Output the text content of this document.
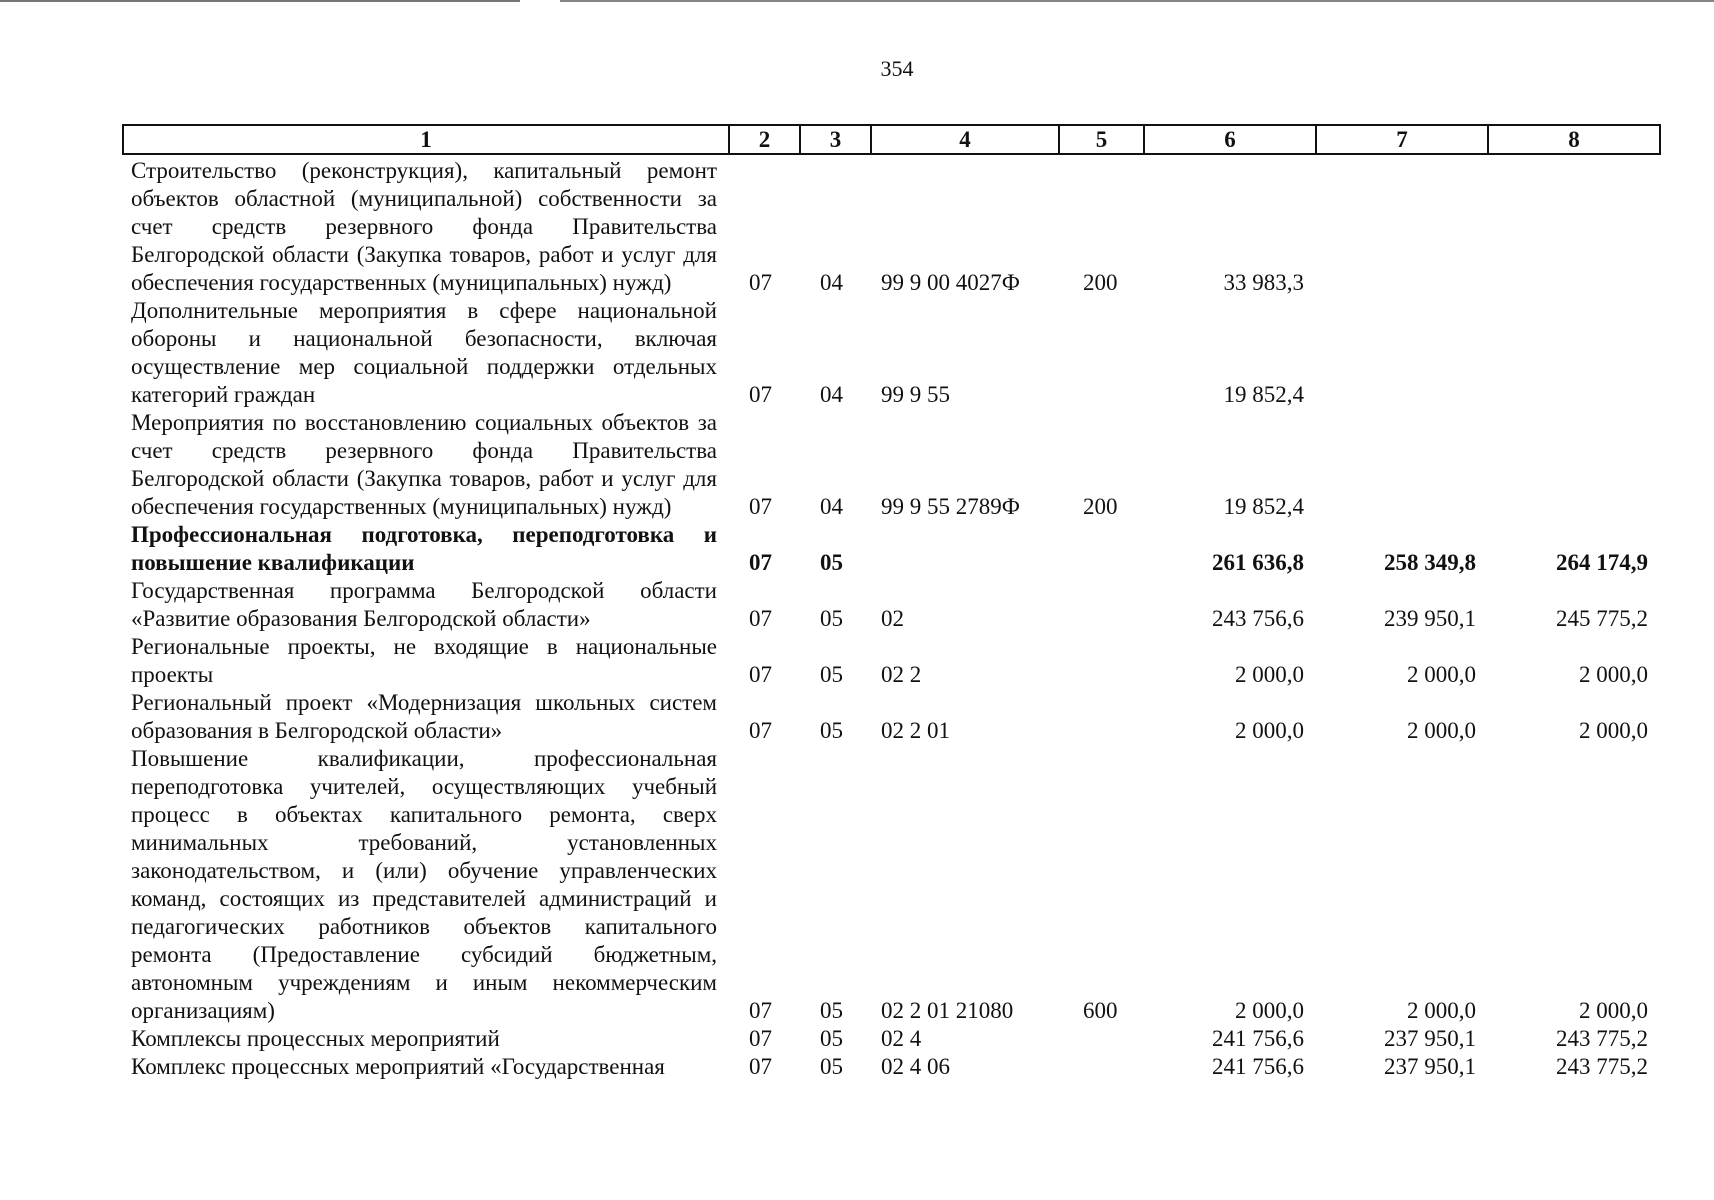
354
1	2	3	4	5	6	7	8
Строительство (реконструкция), капитальный ремонт объектов областной (муниципальной) собственности за счет средств резервного фонда Правительства Белгородской области (Закупка товаров, работ и услуг для обеспечения государственных (муниципальных) нужд)	07	04	99 9 00 4027Ф	200	33 983,3		
Дополнительные мероприятия в сфере национальной обороны и национальной безопасности, включая осуществление мер социальной поддержки отдельных категорий граждан	07	04	99 9 55		19 852,4		
Мероприятия по восстановлению социальных объектов за счет средств резервного фонда Правительства Белгородской области (Закупка товаров, работ и услуг для обеспечения государственных (муниципальных) нужд)	07	04	99 9 55 2789Ф	200	19 852,4		
Профессиональная подготовка, переподготовка и повышение квалификации	07	05			261 636,8	258 349,8	264 174,9
Государственная программа Белгородской области «Развитие образования Белгородской области»	07	05	02		243 756,6	239 950,1	245 775,2
Региональные проекты, не входящие в национальные проекты	07	05	02 2		2 000,0	2 000,0	2 000,0
Региональный проект «Модернизация школьных систем образования в Белгородской области»	07	05	02 2 01		2 000,0	2 000,0	2 000,0
Повышение квалификации, профессиональная переподготовка учителей, осуществляющих учебный процесс в объектах капитального ремонта, сверх минимальных требований, установленных законодательством, и (или) обучение управленческих команд, состоящих из представителей администраций и педагогических работников объектов капитального ремонта (Предоставление субсидий бюджетным, автономным учреждениям и иным некоммерческим организациям)	07	05	02 2 01 21080	600	2 000,0	2 000,0	2 000,0
Комплексы процессных мероприятий	07	05	02 4		241 756,6	237 950,1	243 775,2
Комплекс процессных мероприятий «Государственная	07	05	02 4 06		241 756,6	237 950,1	243 775,2
